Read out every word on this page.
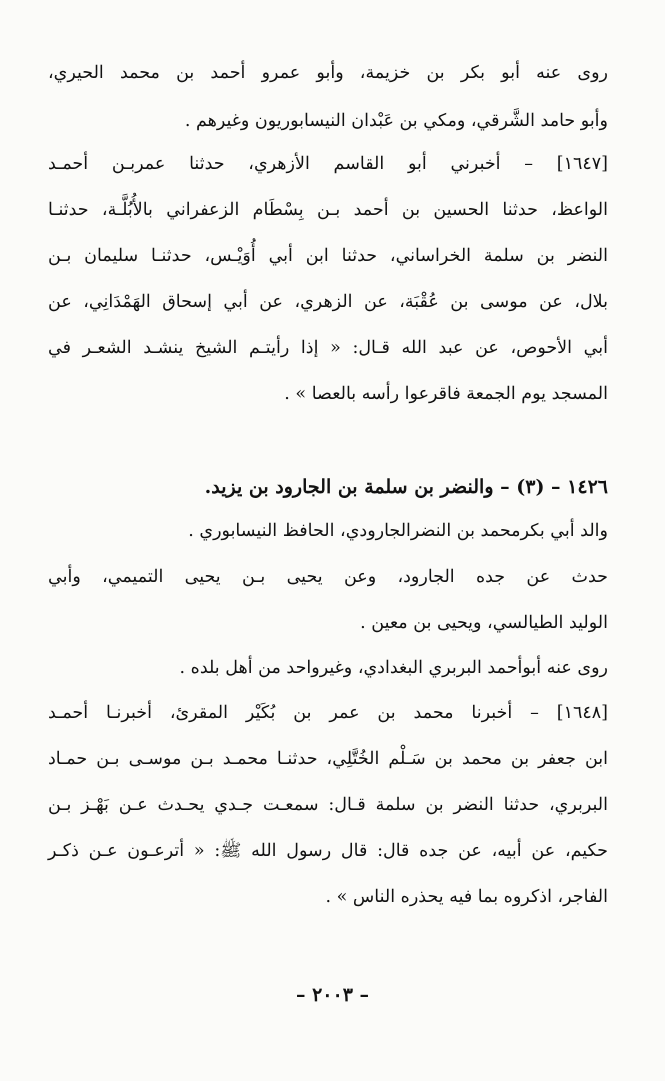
روى عنه أبو بكر بن خزيمة، وأبو عمرو أحمد بن محمد الحيري،
وأبو حامد الشَّرقي، ومكي بن عَبْدان النيسابوريون وغيرهم .
[١٦٤٧] – أخبرني أبو القاسم الأزهري، حدثنا عمربـن أحمـد
الواعظ، حدثنا الحسين بن أحمد بـن بِسْطَام الزعفراني بالأُبُلَّـة، حدثنـا
النضر بن سلمة الخراساني، حدثنا ابن أبي أُوَيْـس، حدثنـا سليمان بـن
بلال، عن موسى بن عُقْبَة، عن الزهري، عن أبي إسحاق الهَمْدَانِي، عن
أبي الأحوص، عن عبد الله قـال: « إذا رأيتـم الشيخ ينشـد الشعـر في
المسجد يوم الجمعة فاقرعوا رأسه بالعصا » .
١٤٢٦ – (٣) – والنضر بن سلمة بن الجارود بن يزيد.
والد أبي بكرمحمد بن النضرالجارودي، الحافظ النيسابوري .
حدث عن جده الجارود، وعن يحيى بـن يحيى التميمي، وأبي
الوليد الطيالسي، ويحيى بن معين .
روى عنه أبوأحمد البربري البغدادي، وغيرواحد من أهل بلده .
[١٦٤٨] – أخبرنا محمد بن عمر بن بُكَيْر المقرئ، أخبرنـا أحمـد
ابن جعفر بن محمد بن سَـلْم الخُتَّلِي، حدثنـا محمـد بـن موسـى بـن حمـاد
البربري، حدثنا النضر بن سلمة قـال: سمعـت جـدي يحـدث عـن بَهْـز بـن
حكيم، عن أبيه، عن جده قال: قال رسول الله ﷺ: « أترعـون عـن ذكـر
الفاجر، اذكروه بما فيه يحذره الناس » .
– ٢٠٠٣ –
